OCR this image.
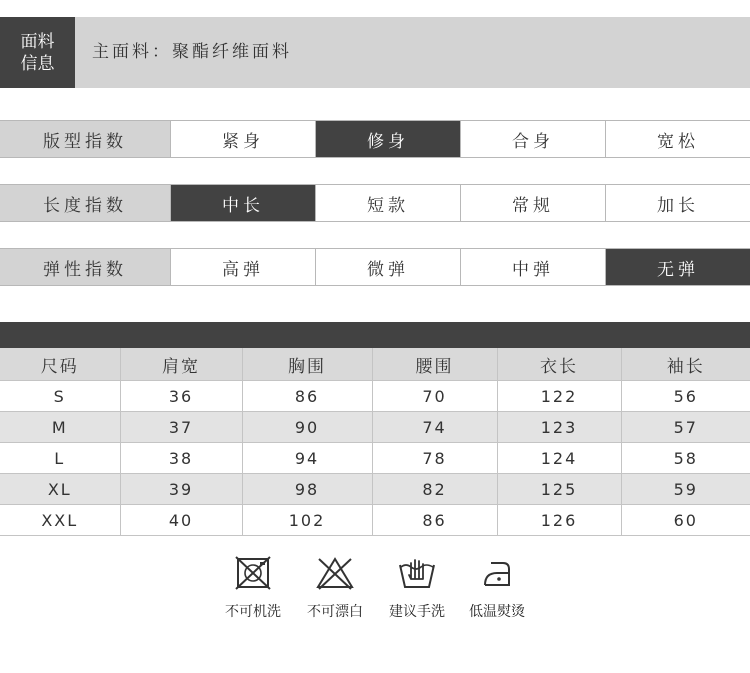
面料
信息
主面料：聚酯纤维面料
版型指数	紧身	修身	合身	宽松
长度指数	中长	短款	常规	加长
弹性指数	高弹	微弹	中弹	无弹
尺码	肩宽	胸围	腰围	衣长	袖长
S	36	86	70	122	56
M	37	90	74	123	57
L	38	94	78	124	58
XL	39	98	82	125	59
XXL	40	102	86	126	60
不可机洗	不可漂白	建议手洗	低温熨烫
